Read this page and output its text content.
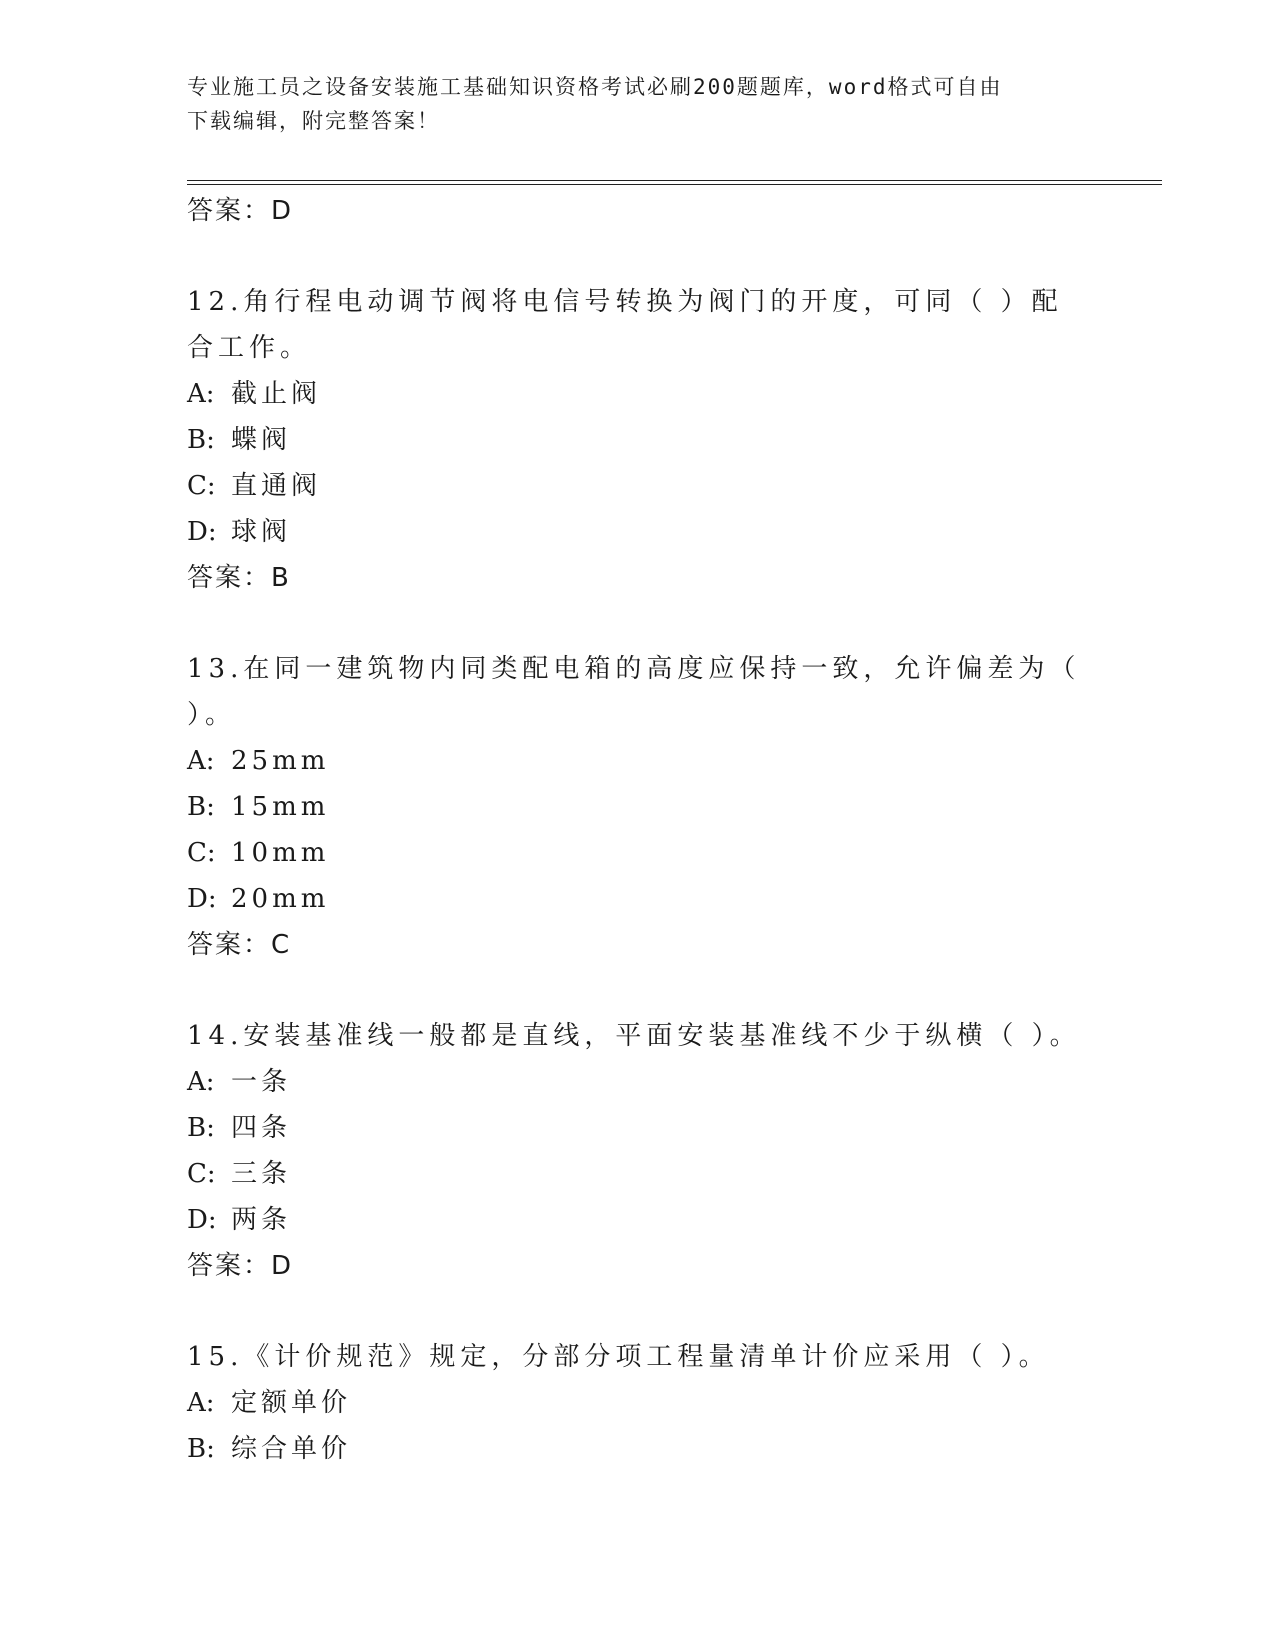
专业施工员之设备安装施工基础知识资格考试必刷200题题库，word格式可自由
下载编辑，附完整答案！
答案：D
12.角行程电动调节阀将电信号转换为阀门的开度，可同（ ）配合工作。
A: 截止阀
B: 蝶阀
C: 直通阀
D: 球阀
答案：B
13.在同一建筑物内同类配电箱的高度应保持一致，允许偏差为（ ）。
A: 25mm
B: 15mm
C: 10mm
D: 20mm
答案：C
14.安装基准线一般都是直线，平面安装基准线不少于纵横（ ）。
A: 一条
B: 四条
C: 三条
D: 两条
答案：D
15.《计价规范》规定，分部分项工程量清单计价应采用（ ）。
A: 定额单价
B: 综合单价
